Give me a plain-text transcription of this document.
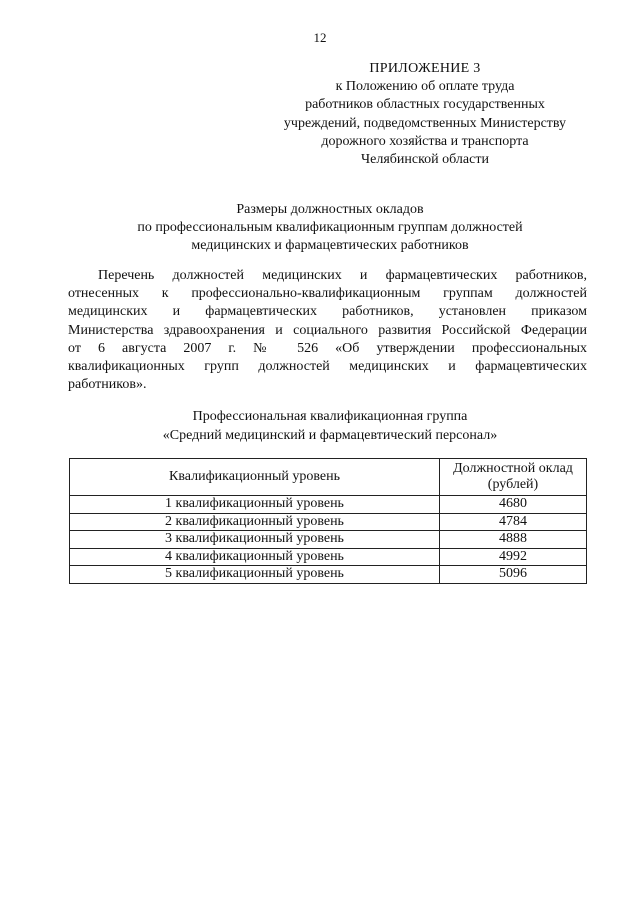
12
ПРИЛОЖЕНИЕ 3
к Положению об оплате труда
работников областных государственных
учреждений, подведомственных Министерству
дорожного хозяйства и транспорта
Челябинской области
Размеры должностных окладов
по профессиональным квалификационным группам должностей
медицинских и фармацевтических работников
Перечень должностей медицинских и фармацевтических работников,
отнесенных к профессионально-квалификационным группам должностей
медицинских и фармацевтических работников, установлен приказом
Министерства здравоохранения и социального развития Российской Федерации
от 6 августа 2007 г. № 526 «Об утверждении профессиональных
квалификационных групп должностей медицинских и фармацевтических
работников».
Профессиональная квалификационная группа
«Средний медицинский и фармацевтический персонал»
Квалификационный уровень	Должностной оклад
(рублей)
1 квалификационный уровень	4680
2 квалификационный уровень	4784
3 квалификационный уровень	4888
4 квалификационный уровень	4992
5 квалификационный уровень	5096
